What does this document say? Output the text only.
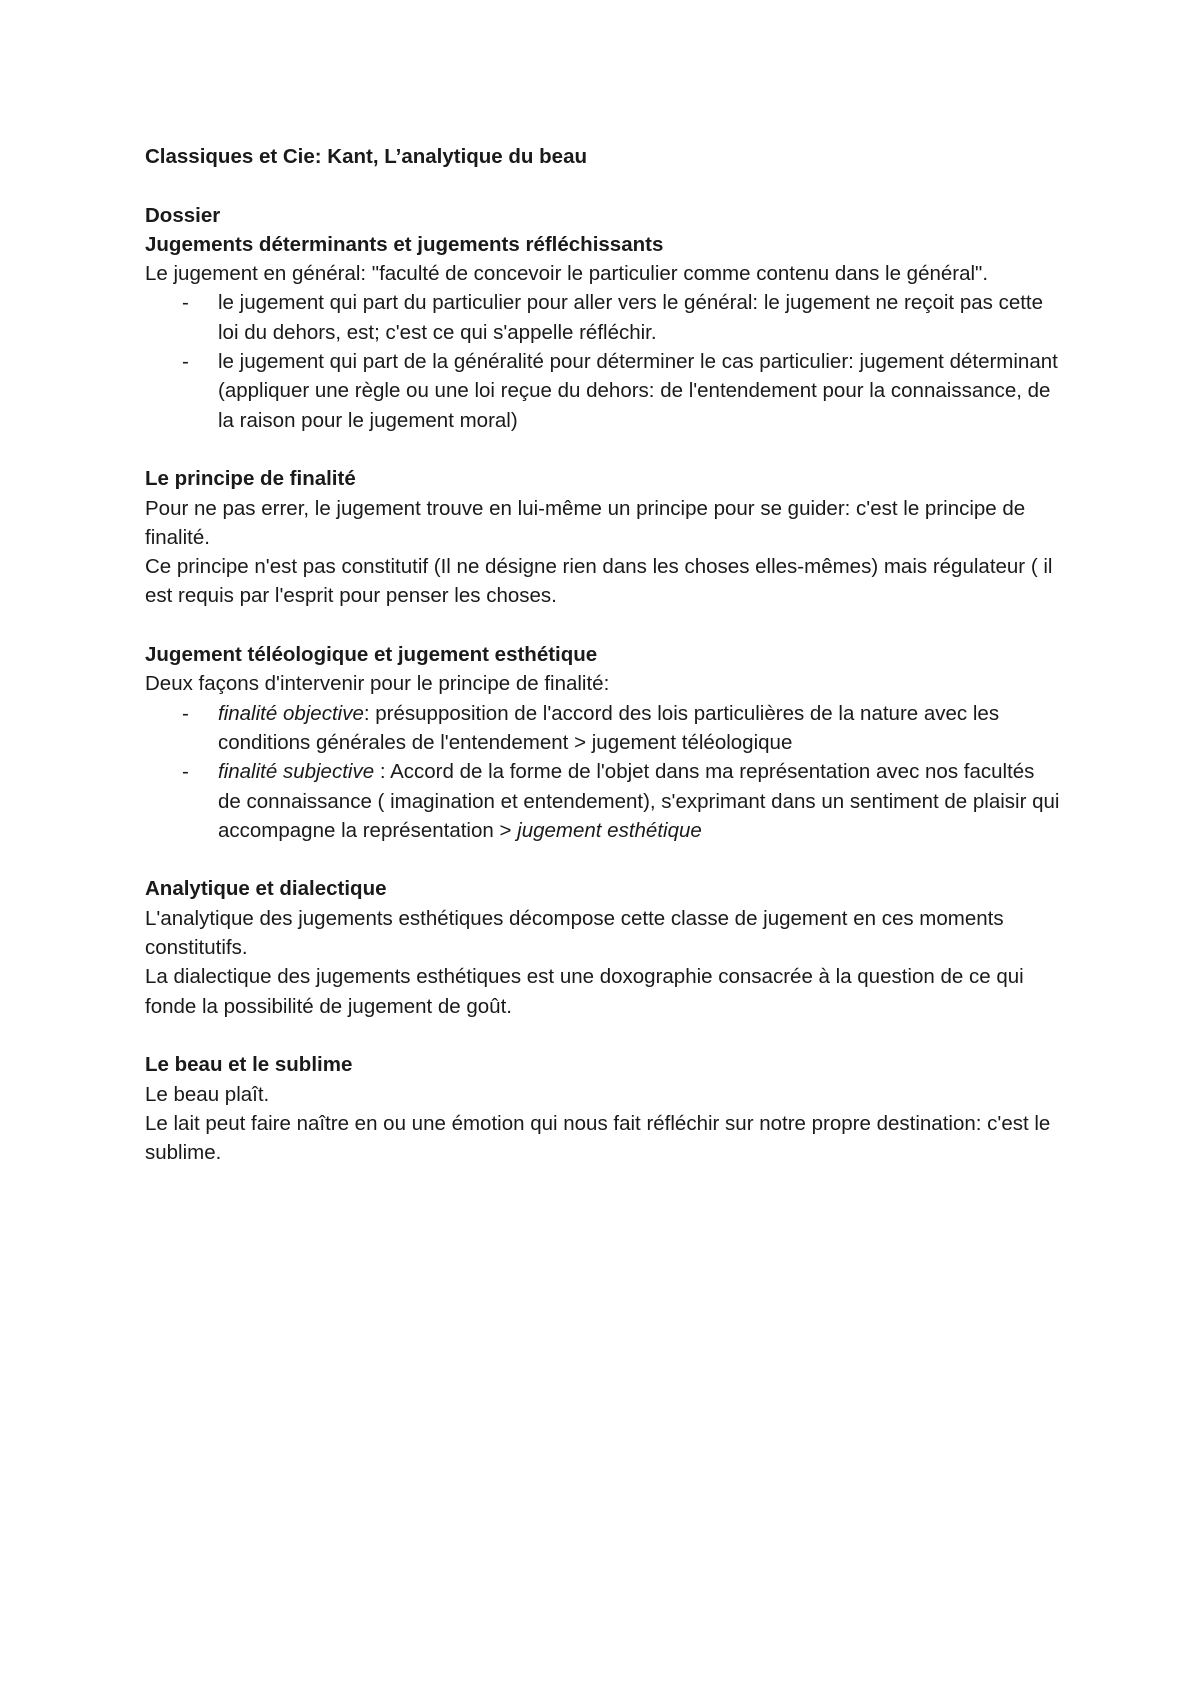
Classiques et Cie: Kant, L’analytique du beau

Dossier

Jugements déterminants et jugements réfléchissants

Le jugement en général: "faculté de concevoir le particulier comme contenu dans le général".

- le jugement qui part du particulier pour aller vers le général: le jugement ne reçoit pas cette loi du dehors, est; c'est ce qui s'appelle réfléchir.
- le jugement qui part de la généralité pour déterminer le cas particulier: jugement déterminant (appliquer une règle ou une loi reçue du dehors: de l'entendement pour la connaissance, de la raison pour le jugement moral)

Le principe de finalité

Pour ne pas errer, le jugement trouve en lui-même un principe pour se guider: c'est le principe de finalité.

Ce principe n'est pas constitutif (Il ne désigne rien dans les choses elles-mêmes) mais régulateur ( il est requis par l'esprit pour penser les choses.

Jugement téléologique et jugement esthétique

Deux façons d'intervenir pour le principe de finalité:

- finalité objective: présupposition de l'accord des lois particulières de la nature avec les conditions générales de l'entendement > jugement téléologique
- finalité subjective : Accord de la forme de l'objet dans ma représentation avec nos facultés de connaissance ( imagination et entendement), s'exprimant dans un sentiment de plaisir qui accompagne la représentation > jugement esthétique

Analytique et dialectique

L'analytique des jugements esthétiques décompose cette classe de jugement en ces moments constitutifs.

La dialectique des jugements esthétiques est une doxographie consacrée à la question de ce qui fonde la possibilité de jugement de goût.

Le beau et le sublime

Le beau plaît.

Le lait peut faire naître en ou une émotion qui nous fait réfléchir sur notre propre destination: c'est le sublime.
